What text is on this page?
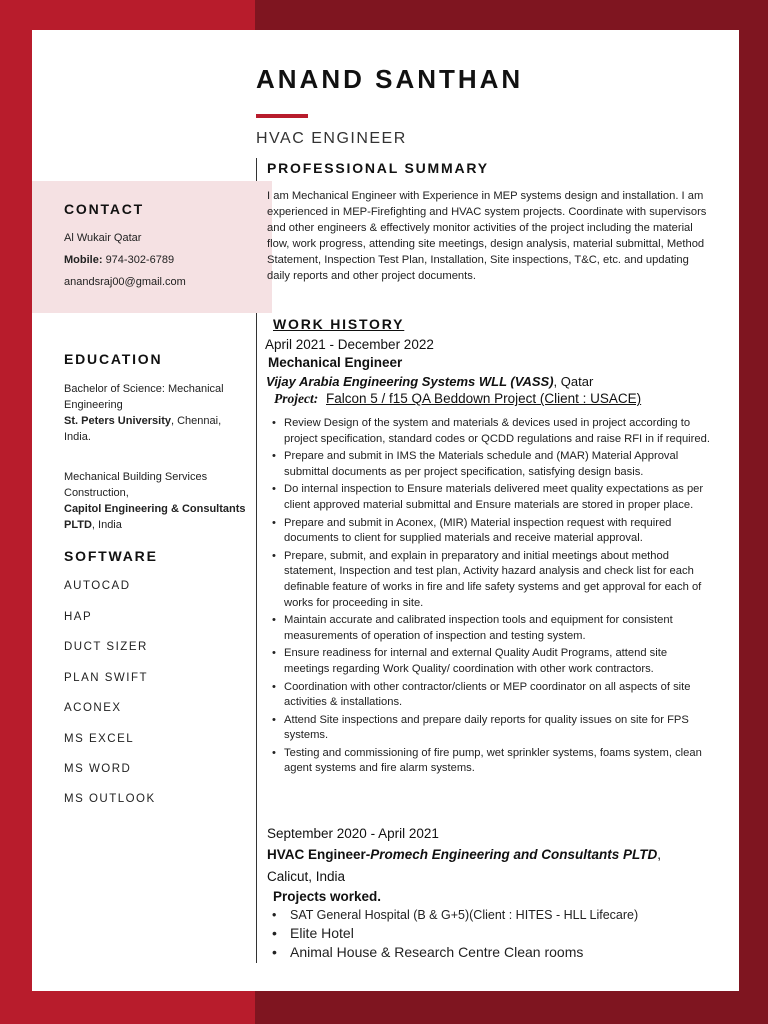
ANAND SANTHAN
HVAC ENGINEER
CONTACT
Al Wukair Qatar
Mobile: 974-302-6789
anandsraj00@gmail.com
EDUCATION
Bachelor of Science: Mechanical Engineering
St. Peters University, Chennai, India.
Mechanical Building Services Construction,
Capitol Engineering & Consultants PLTD, India
SOFTWARE
AUTOCAD
HAP
DUCT SIZER
PLAN SWIFT
ACONEX
MS EXCEL
MS WORD
MS OUTLOOK
PROFESSIONAL SUMMARY
I am Mechanical Engineer with Experience in MEP systems design and installation. I am experienced in MEP-Firefighting and HVAC system projects. Coordinate with supervisors and other engineers & effectively monitor activities of the project including the material flow, work progress, attending site meetings, design analysis, material submittal, Method Statement, Inspection Test Plan, Installation, Site inspections, T&C, etc. and updating daily reports and other project documents.
WORK HISTORY
April 2021 - December 2022
Mechanical Engineer
Vijay Arabia Engineering Systems WLL (VASS), Qatar
Project: Falcon 5 / f15 QA Beddown Project (Client : USACE)
• Review Design of the system and materials & devices used in project according to project specification, standard codes or QCDD regulations and raise RFI in if required.
• Prepare and submit in IMS the Materials schedule and (MAR) Material Approval submittal documents as per project specification, satisfying design basis.
• Do internal inspection to Ensure materials delivered meet quality expectations as per client approved material submittal and Ensure materials are stored in proper place.
• Prepare and submit in Aconex, (MIR) Material inspection request with required documents to client for supplied materials and receive material approval.
• Prepare, submit, and explain in preparatory and initial meetings about method statement, Inspection and test plan, Activity hazard analysis and check list for each definable feature of works in fire and life safety systems and get approval for each of works for proceeding in site.
• Maintain accurate and calibrated inspection tools and equipment for consistent measurements of operation of inspection and testing system.
• Ensure readiness for internal and external Quality Audit Programs, attend site meetings regarding Work Quality/ coordination with other work contractors.
• Coordination with other contractor/clients or MEP coordinator on all aspects of site activities & installations.
• Attend Site inspections and prepare daily reports for quality issues on site for FPS systems.
• Testing and commissioning of fire pump, wet sprinkler systems, foams system, clean agent systems and fire alarm systems.
September 2020 - April 2021
HVAC Engineer-Promech Engineering and Consultants PLTD,
Calicut, India
Projects worked.
• SAT General Hospital (B & G+5)(Client : HITES - HLL Lifecare)
• Elite Hotel
• Animal House & Research Centre Clean rooms
